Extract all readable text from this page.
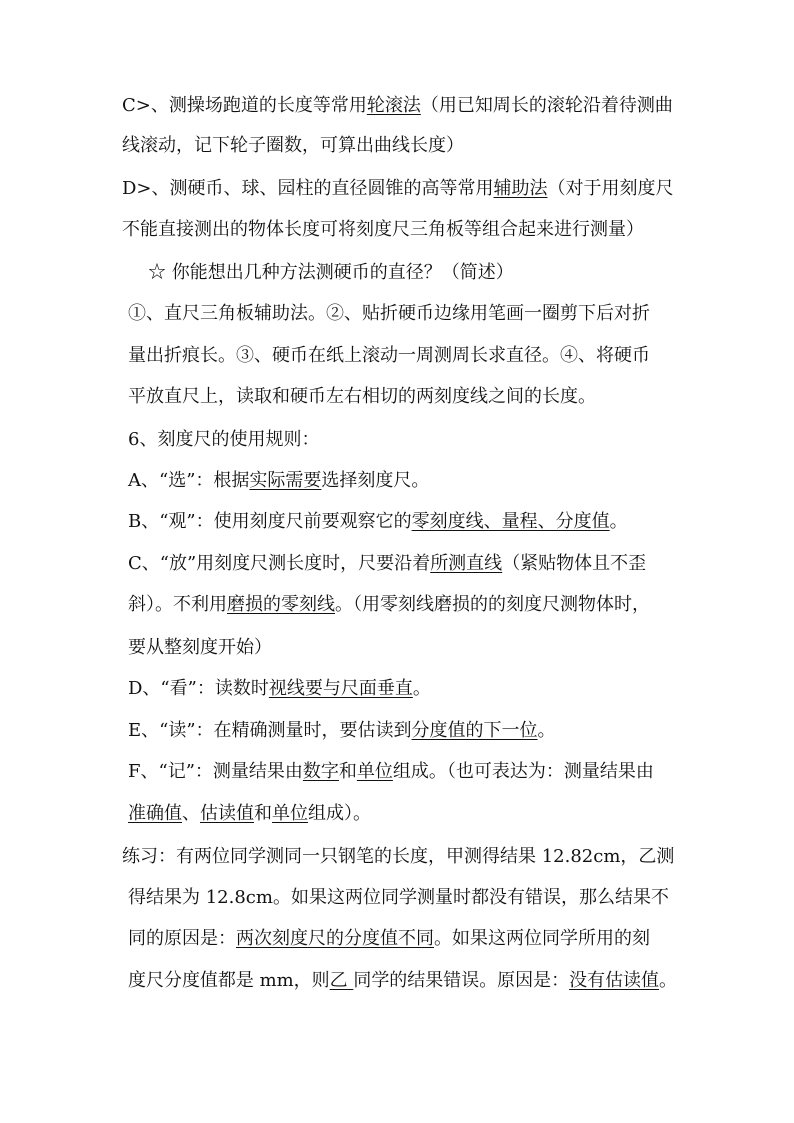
C>、测操场跑道的长度等常用轮滚法（用已知周长的滚轮沿着待测曲
线滚动，记下轮子圈数，可算出曲线长度）
D>、测硬币、球、园柱的直径圆锥的高等常用辅助法（对于用刻度尺
不能直接测出的物体长度可将刻度尺三角板等组合起来进行测量）
☆ 你能想出几种方法测硬币的直径？（简述）
①、直尺三角板辅助法。②、贴折硬币边缘用笔画一圈剪下后对折
量出折痕长。③、硬币在纸上滚动一周测周长求直径。④、将硬币
平放直尺上，读取和硬币左右相切的两刻度线之间的长度。
6、刻度尺的使用规则：
A、“选”：根据实际需要选择刻度尺。
B、“观”：使用刻度尺前要观察它的零刻度线、量程、分度值。
C、“放”用刻度尺测长度时，尺要沿着所测直线（紧贴物体且不歪
斜）。不利用磨损的零刻线。（用零刻线磨损的的刻度尺测物体时，
要从整刻度开始）
D、“看”：读数时视线要与尺面垂直。
E、“读”：在精确测量时，要估读到分度值的下一位。
F、“记”：测量结果由数字和单位组成。（也可表达为：测量结果由
准确值、估读值和单位组成）。
练习：有两位同学测同一只钢笔的长度，甲测得结果 12.82cm，乙测
得结果为 12.8cm。如果这两位同学测量时都没有错误，那么结果不
同的原因是：两次刻度尺的分度值不同。如果这两位同学所用的刻
度尺分度值都是 mm，则乙 同学的结果错误。原因是：没有估读值。
